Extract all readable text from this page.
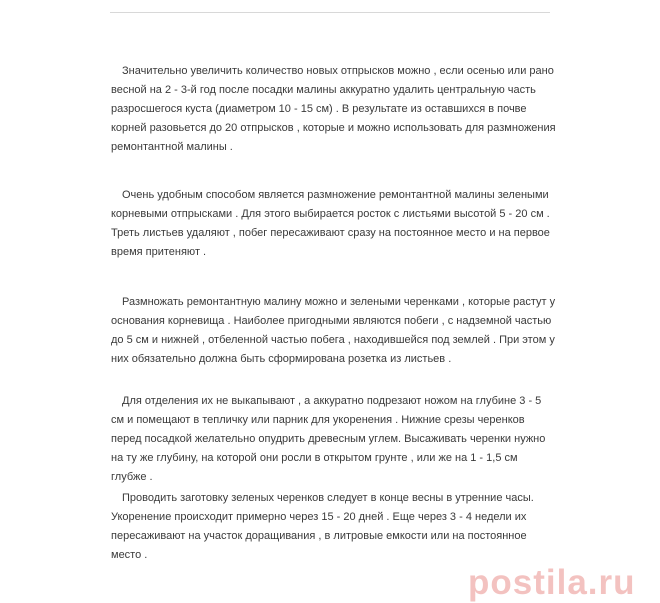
Значительно увеличить количество новых отпрысков можно , если осенью или рано весной на 2 - 3-й год после посадки малины аккуратно удалить центральную часть разросшегося куста (диаметром 10 - 15 см) . В результате из оставшихся в почве корней разовьется до 20 отпрысков , которые и можно использовать для размножения ремонтантной малины .

Очень удобным способом является размножение ремонтантной малины зелеными корневыми отпрысками . Для этого выбирается росток с листьями высотой 5 - 20 см . Треть листьев удаляют , побег пересаживают сразу на постоянное место и на первое время притеняют .

Размножать ремонтантную малину можно и зелеными черенками , которые растут у основания корневища . Наиболее пригодными являются побеги , с надземной частью до 5 см и нижней , отбеленной частью побега , находившейся под землей . При этом у них обязательно должна быть сформирована розетка из листьев .

Для отделения их не выкапывают , а аккуратно подрезают ножом на глубине 3 - 5 см и помещают в тепличку или парник для укоренения . Нижние срезы черенков перед посадкой желательно опудрить древесным углем. Высаживать черенки нужно на ту же глубину, на которой они росли в открытом грунте , или же на 1 - 1,5 см глубже .

Проводить заготовку зеленых черенков следует в конце весны в утренние часы. Укоренение происходит примерно через 15 - 20 дней . Еще через 3 - 4 недели их пересаживают на участок доращивания , в литровые емкости или на постоянное место .

postila.ru
